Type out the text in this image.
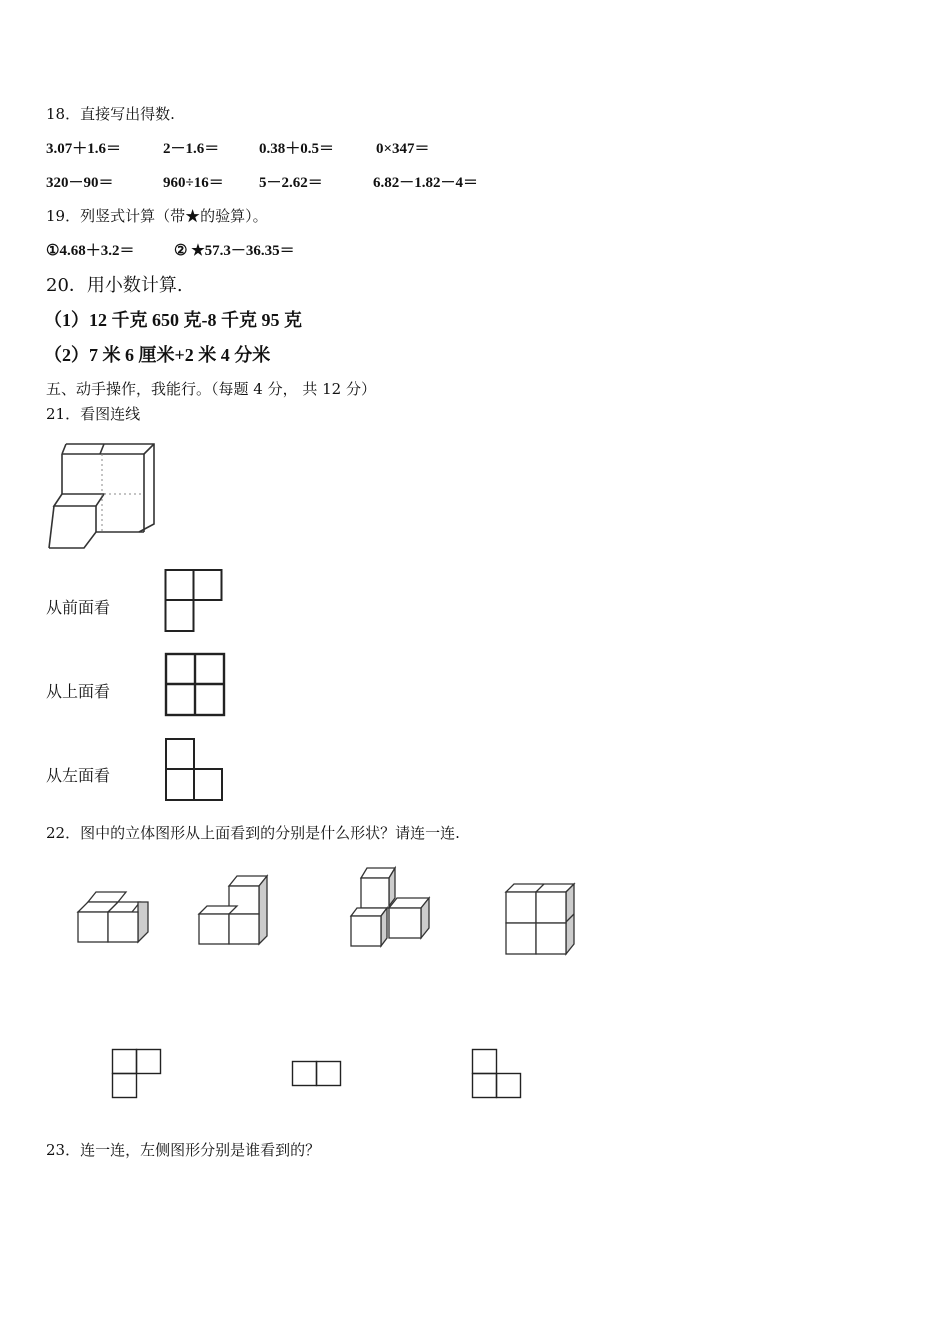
18．直接写出得数.
3.07＋1.6＝	2－1.6＝	0.38＋0.5＝	0×347＝
320－90＝	960÷16＝ 5－2.62＝	6.82－1.82－4＝
19．列竖式计算（带★的验算）。
①4.68＋3.2＝	② ★57.3－36.35＝
20．用小数计算.
（1）12 千克 650 克-8 千克 95 克
（2）7 米 6 厘米+2 米 4 分米
五、动手操作，我能行。（每题 4 分， 共 12 分）
21．看图连线
从前面看
从上面看
从左面看
22．图中的立体图形从上面看到的分别是什么形状？请连一连.
23．连一连，左侧图形分别是谁看到的？
